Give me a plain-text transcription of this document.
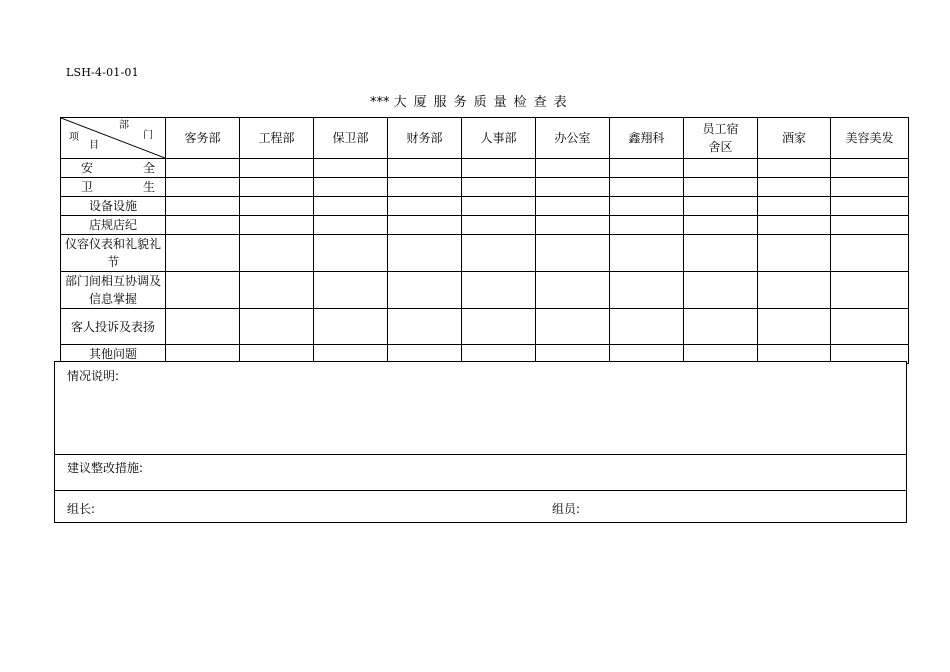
LSH-4-01-01
*** 大厦服务质量检查表
部
门
项
目	客务部	工程部	保卫部	财务部	人事部	办公室	鑫翔科	员工宿舍区	酒家	美容美发

安 全										

卫 生										

设备设施										
店规店纪										
仪容仪表和礼貌礼节										
部门间相互协调及信息掌握										
客人投诉及表扬										
其他问题										
情况说明:
建议整改措施:
组长:	组员:
